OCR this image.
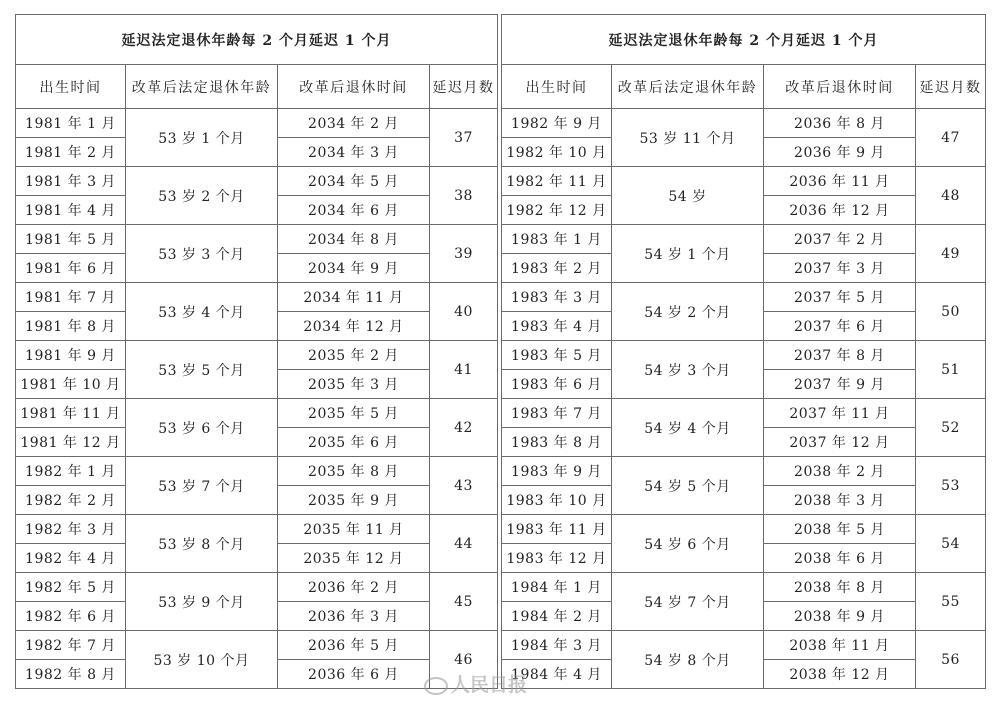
延迟法定退休年龄每 2 个月延迟 1 个月			
出生时间	改革后法定退休年龄	改革后退休时间	延迟月数
1981 年 1 月	53 岁 1 个月	2034 年 2 月	37
1981 年 2 月		2034 年 3 月	
1981 年 3 月	53 岁 2 个月	2034 年 5 月	38
1981 年 4 月		2034 年 6 月	
1981 年 5 月	53 岁 3 个月	2034 年 8 月	39
1981 年 6 月		2034 年 9 月	
1981 年 7 月	53 岁 4 个月	2034 年 11 月	40
1981 年 8 月		2034 年 12 月	
1981 年 9 月	53 岁 5 个月	2035 年 2 月	41
1981 年 10 月		2035 年 3 月	
1981 年 11 月	53 岁 6 个月	2035 年 5 月	42
1981 年 12 月		2035 年 6 月	
1982 年 1 月	53 岁 7 个月	2035 年 8 月	43
1982 年 2 月		2035 年 9 月	
1982 年 3 月	53 岁 8 个月	2035 年 11 月	44
1982 年 4 月		2035 年 12 月	
1982 年 5 月	53 岁 9 个月	2036 年 2 月	45
1982 年 6 月		2036 年 3 月	
1982 年 7 月	53 岁 10 个月	2036 年 5 月	46
1982 年 8 月		2036 年 6 月	
延迟法定退休年龄每 2 个月延迟 1 个月			
出生时间	改革后法定退休年龄	改革后退休时间	延迟月数
1982 年 9 月	53 岁 11 个月	2036 年 8 月	47
1982 年 10 月		2036 年 9 月	
1982 年 11 月	54 岁	2036 年 11 月	48
1982 年 12 月		2036 年 12 月	
1983 年 1 月	54 岁 1 个月	2037 年 2 月	49
1983 年 2 月		2037 年 3 月	
1983 年 3 月	54 岁 2 个月	2037 年 5 月	50
1983 年 4 月		2037 年 6 月	
1983 年 5 月	54 岁 3 个月	2037 年 8 月	51
1983 年 6 月		2037 年 9 月	
1983 年 7 月	54 岁 4 个月	2037 年 11 月	52
1983 年 8 月		2037 年 12 月	
1983 年 9 月	54 岁 5 个月	2038 年 2 月	53
1983 年 10 月		2038 年 3 月	
1983 年 11 月	54 岁 6 个月	2038 年 5 月	54
1983 年 12 月		2038 年 6 月	
1984 年 1 月	54 岁 7 个月	2038 年 8 月	55
1984 年 2 月		2038 年 9 月	
1984 年 3 月	54 岁 8 个月	2038 年 11 月	56
1984 年 4 月		2038 年 12 月	
人民日报
